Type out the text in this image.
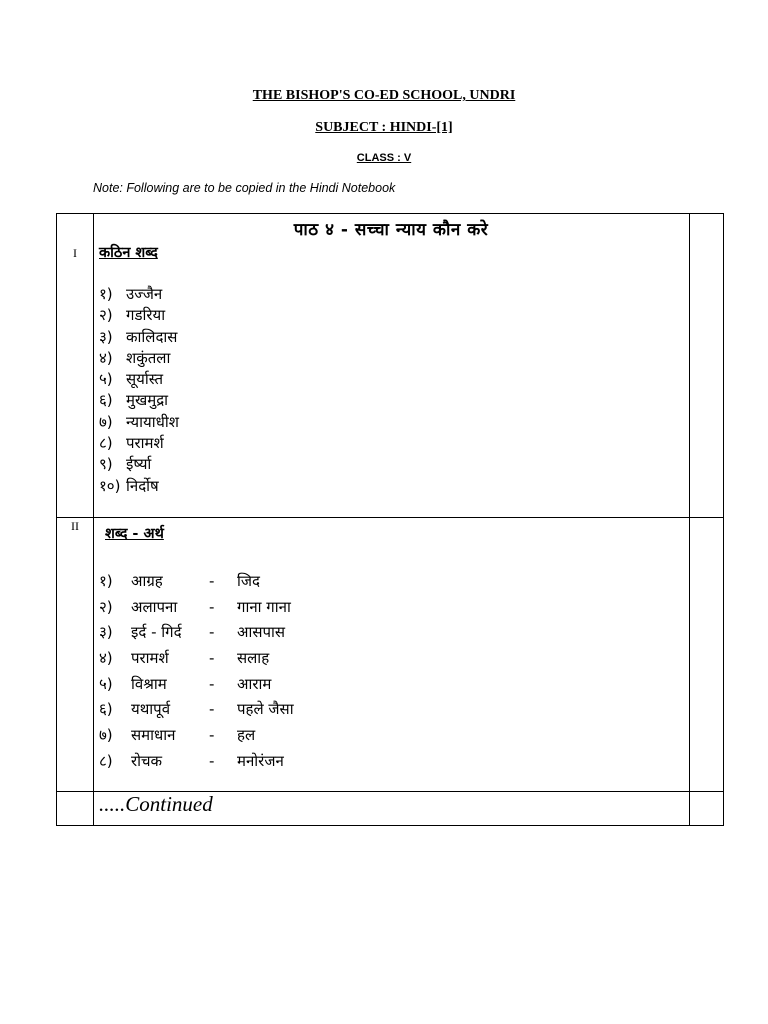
THE BISHOP'S CO-ED SCHOOL, UNDRI
SUBJECT : HINDI-[1]
CLASS : V
Note: Following are to be copied in the Hindi Notebook
पाठ ४ - सच्चा न्याय कौन करे
I	कठिन शब्द
१) उज्जैन
२) गडरिया
३) कालिदास
४) शकुंतला
५) सूर्यास्त
६) मुखमुद्रा
७) न्यायाधीश
८) परामर्श
९) ईर्ष्या
१०) निर्दोष
II	शब्द - अर्थ
१)	आग्रह	-	जिद
२)	अलापना	-	गाना गाना
३)	इर्द - गिर्द	-	आसपास
४)	परामर्श	-	सलाह
५)	विश्राम	-	आराम
६)	यथापूर्व	-	पहले जैसा
७)	समाधान	-	हल
८)	रोचक	-	मनोरंजन
.....Continued
